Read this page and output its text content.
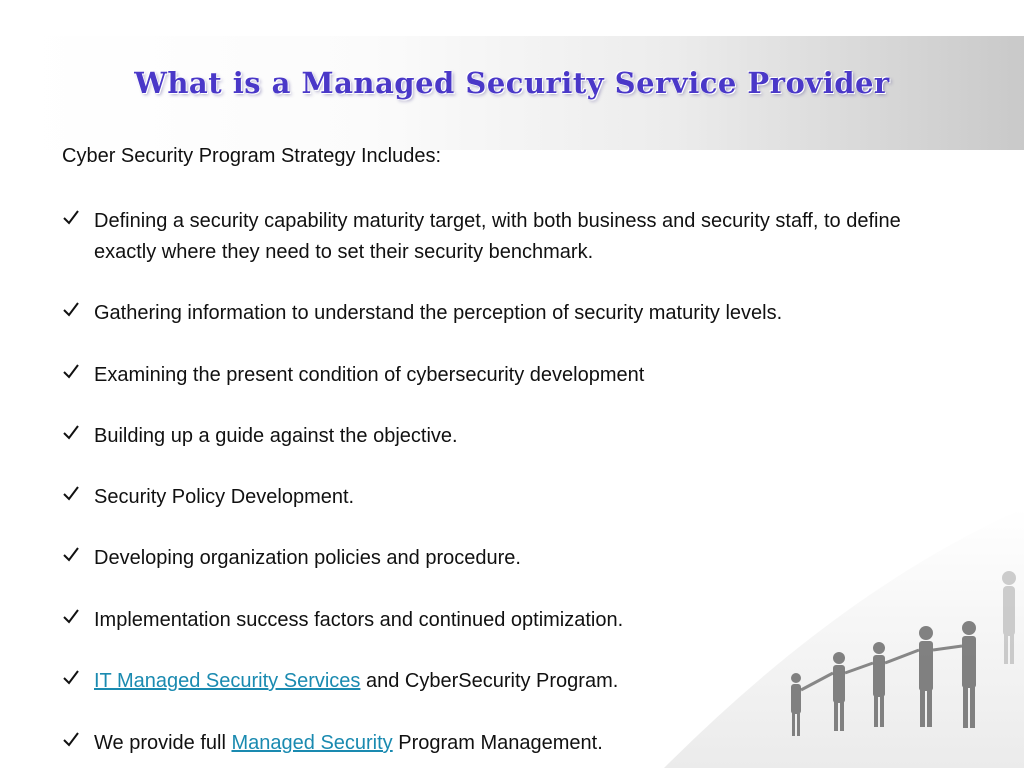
What is a Managed Security Service Provider

Cyber Security Program Strategy Includes:

Defining a security capability maturity target, with both business and security staff, to define exactly where they need to set their security benchmark.
Gathering information to understand the perception of security maturity levels.
Examining the present condition of cybersecurity development
Building up a guide against the objective.
Security Policy Development.
Developing organization policies and procedure.
Implementation success factors and continued optimization.
IT Managed Security Services and CyberSecurity Program.
We provide full Managed Security Program Management.
